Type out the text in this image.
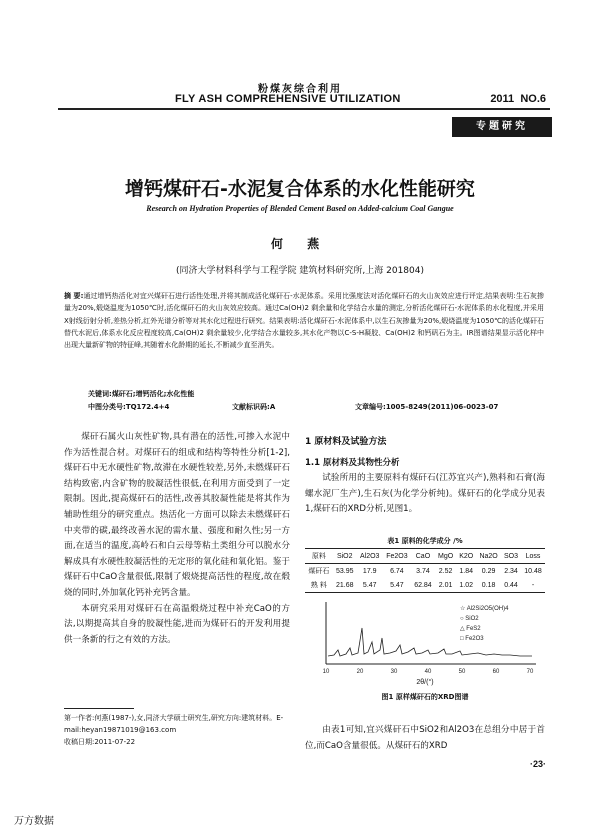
粉煤灰综合利用
FLY ASH COMPREHENSIVE UTILIZATION	2011 NO.6
专题研究
增钙煤矸石-水泥复合体系的水化性能研究
Research on Hydration Properties of Blended Cement Based on Added-calcium Coal Gangue
何 燕
(同济大学材料科学与工程学院 建筑材料研究所,上海 201804)
摘 要:通过增钙热活化对宜兴煤矸石进行活性处理,并将其制成活化煤矸石-水泥体系。采用比强度法对活化煤矸石的火山灰效应进行评定,结果表明:生石灰掺量为20%,煅烧温度为1050℃时,活化煤矸石的火山灰效应较高。通过Ca(OH)2 剩余量和化学结合水量的测定,分析活化煤矸石-水泥体系的水化程度,并采用X射线衍射分析,差热分析,红外光谱分析等对其水化过程进行研究。结果表明:活化煤矸石-水泥体系中,以生石灰掺量为20%,煅烧温度为1050℃的活化煤矸石替代水泥后,体系水化反应程度较高,Ca(OH)2 剩余量较少,化学结合水量较多,其水化产物以C-S-H凝胶、Ca(OH)2 和钙矾石为主。IR图谱结果显示活化样中出现大量新矿物的特征峰,其随着水化龄期的延长,不断减少直至消失。
关键词:煤矸石;增钙活化;水化性能
中图分类号:TQ172.4+4	文献标识码:A	文章编号:1005-8249(2011)06-0023-07

煤矸石属火山灰性矿物,具有潜在的活性,可掺入水泥中作为活性混合材。对煤矸石的组成和结构等特性分析[1-2],煤矸石中无水硬性矿物,故滞在水硬性较差,另外,未燃煤矸石结构致密,内含矿物的胶凝活性很低,在利用方面受到了一定限制。因此,提高煤矸石的活性,改善其胶凝性能是将其作为辅助性组分的研究重点。热活化一方面可以除去未燃煤矸石中夹带的碳,最终改善水泥的需水量、强度和耐久性;另一方面,在适当的温度,高岭石和白云母等粘土类组分可以脱水分解成具有水硬性胶凝活性的无定形的氧化硅和氧化铝。鉴于煤矸石中CaO含量很低,限制了煅烧提高活性的程度,故在煅烧的同时,外加氧化钙补充钙含量。

本研究采用对煤矸石在高温煅烧过程中补充CaO的方法,以期提高其自身的胶凝性能,进而为煤矸石的开发利用提供一条新的行之有效的方法。

第一作者:何燕(1987-),女,同济大学硕士研究生,研究方向:建筑材料。E-mail:heyan19871019@163.com
收稿日期:2011-07-22
1 原材料及试验方法
1.1 原材料及其物性分析

试验所用的主要原料有煤矸石(江苏宜兴产),熟料和石膏(海螺水泥厂生产),生石灰(为化学分析纯)。煤矸石的化学成分见表1,煤矸石的XRD分析,见图1。

表1 原料的化学成分 /%
原料	SiO2	Al2O3	Fe2O3	CaO	MgO	K2O	Na2O	SO3	Loss
煤矸石	53.95	17.9	6.74	3.74	2.52	1.84	0.29	2.34	10.48
熟 料	21.68	5.47	5.47	62.84	2.01	1.02	0.18	0.44	-
10	20	30	40	50	60	70
☆ Al2Si2O5(OH)4
○ SiO2
△ FeS2
□ Fe2O3
2θ/(°)
图1 原样煤矸石的XRD图谱

由表1可知,宜兴煤矸石中SiO2和Al2O3在总组分中居于首位,而CaO含量很低。从煤矸石的XRD

·23·
万方数据
